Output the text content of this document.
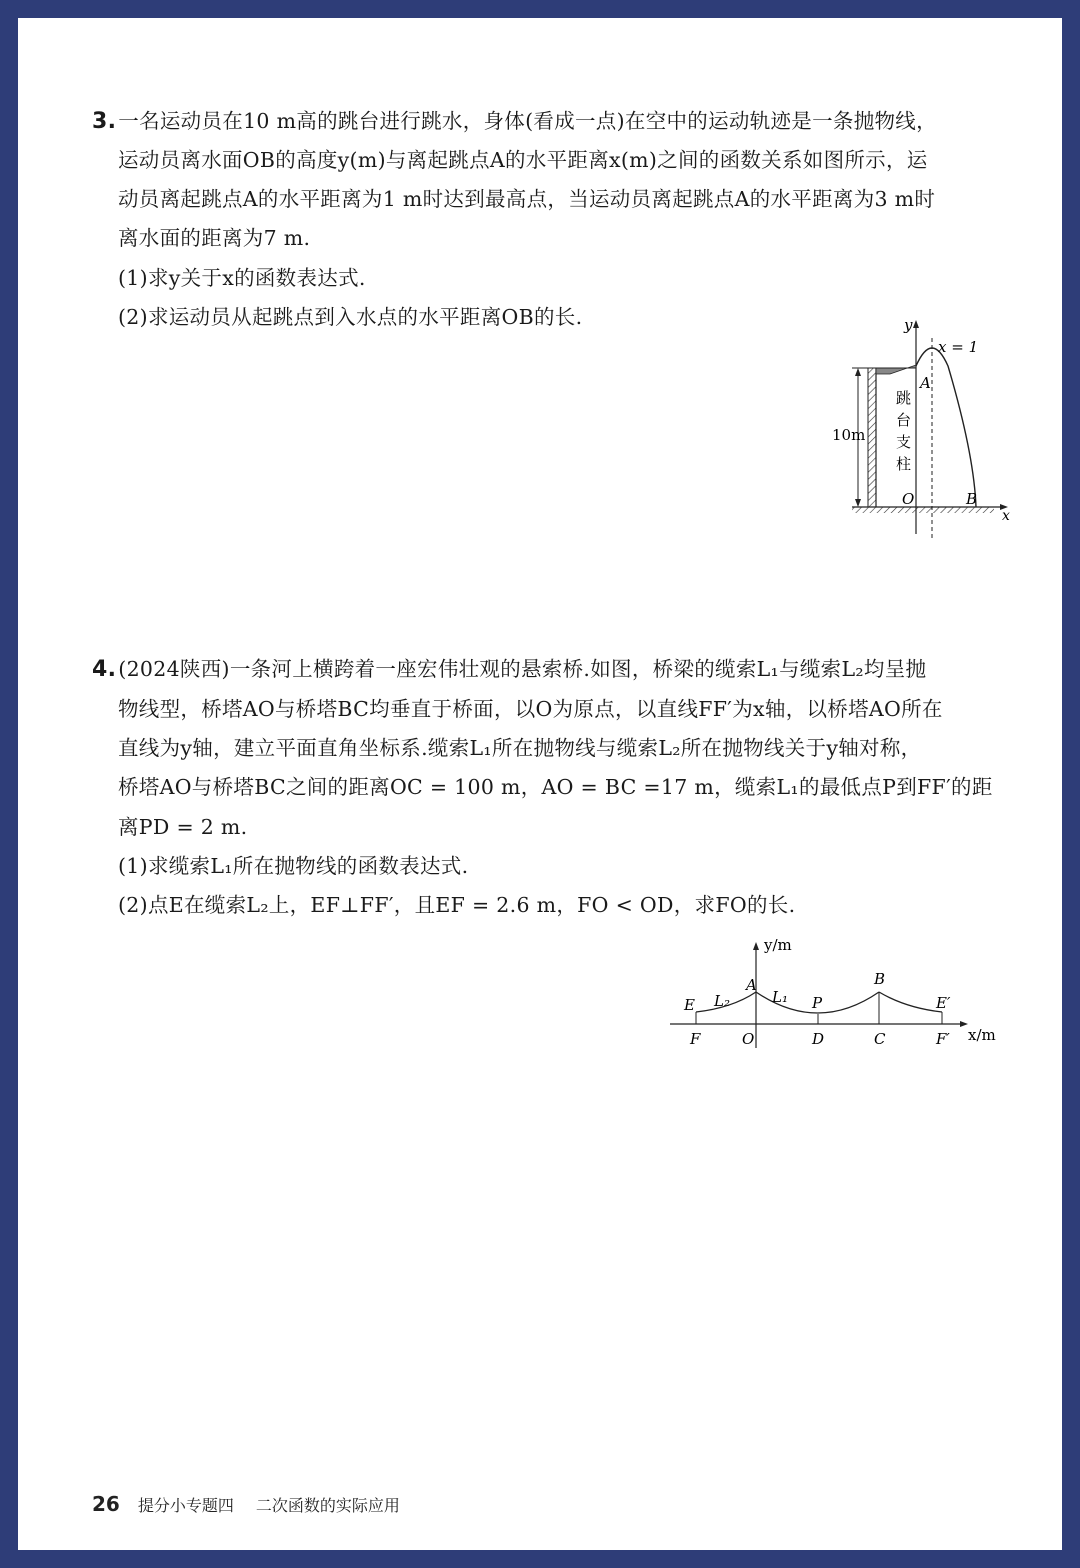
3.一名运动员在10 m高的跳台进行跳水，身体(看成一点)在空中的运动轨迹是一条抛物线，
运动员离水面OB的高度y(m)与离起跳点A的水平距离x(m)之间的函数关系如图所示，运
动员离起跳点A的水平距离为1 m时达到最高点，当运动员离起跳点A的水平距离为3 m时
离水面的距离为7 m.
(1)求y关于x的函数表达式.
(2)求运动员从起跳点到入水点的水平距离OB的长.	y
x = 1
A
10m
跳
台
支
柱
O	B
x
4.(2024陕西)一条河上横跨着一座宏伟壮观的悬索桥.如图，桥梁的缆索L₁与缆索L₂均呈抛
物线型，桥塔AO与桥塔BC均垂直于桥面，以O为原点，以直线FF′为x轴，以桥塔AO所在
直线为y轴，建立平面直角坐标系.缆索L₁所在抛物线与缆索L₂所在抛物线关于y轴对称，
桥塔AO与桥塔BC之间的距离OC = 100 m，AO = BC =17 m，缆索L₁的最低点P到FF′的距
离PD = 2 m.
(1)求缆索L₁所在抛物线的函数表达式.
(2)点E在缆索L₂上，EF⊥FF′，且EF = 2.6 m，FO < OD，求FO的长.
y/m
x/m
E L₂
A
L₁ P
B
E′
F	O	D	C	F′
26 提分小专题四 二次函数的实际应用
